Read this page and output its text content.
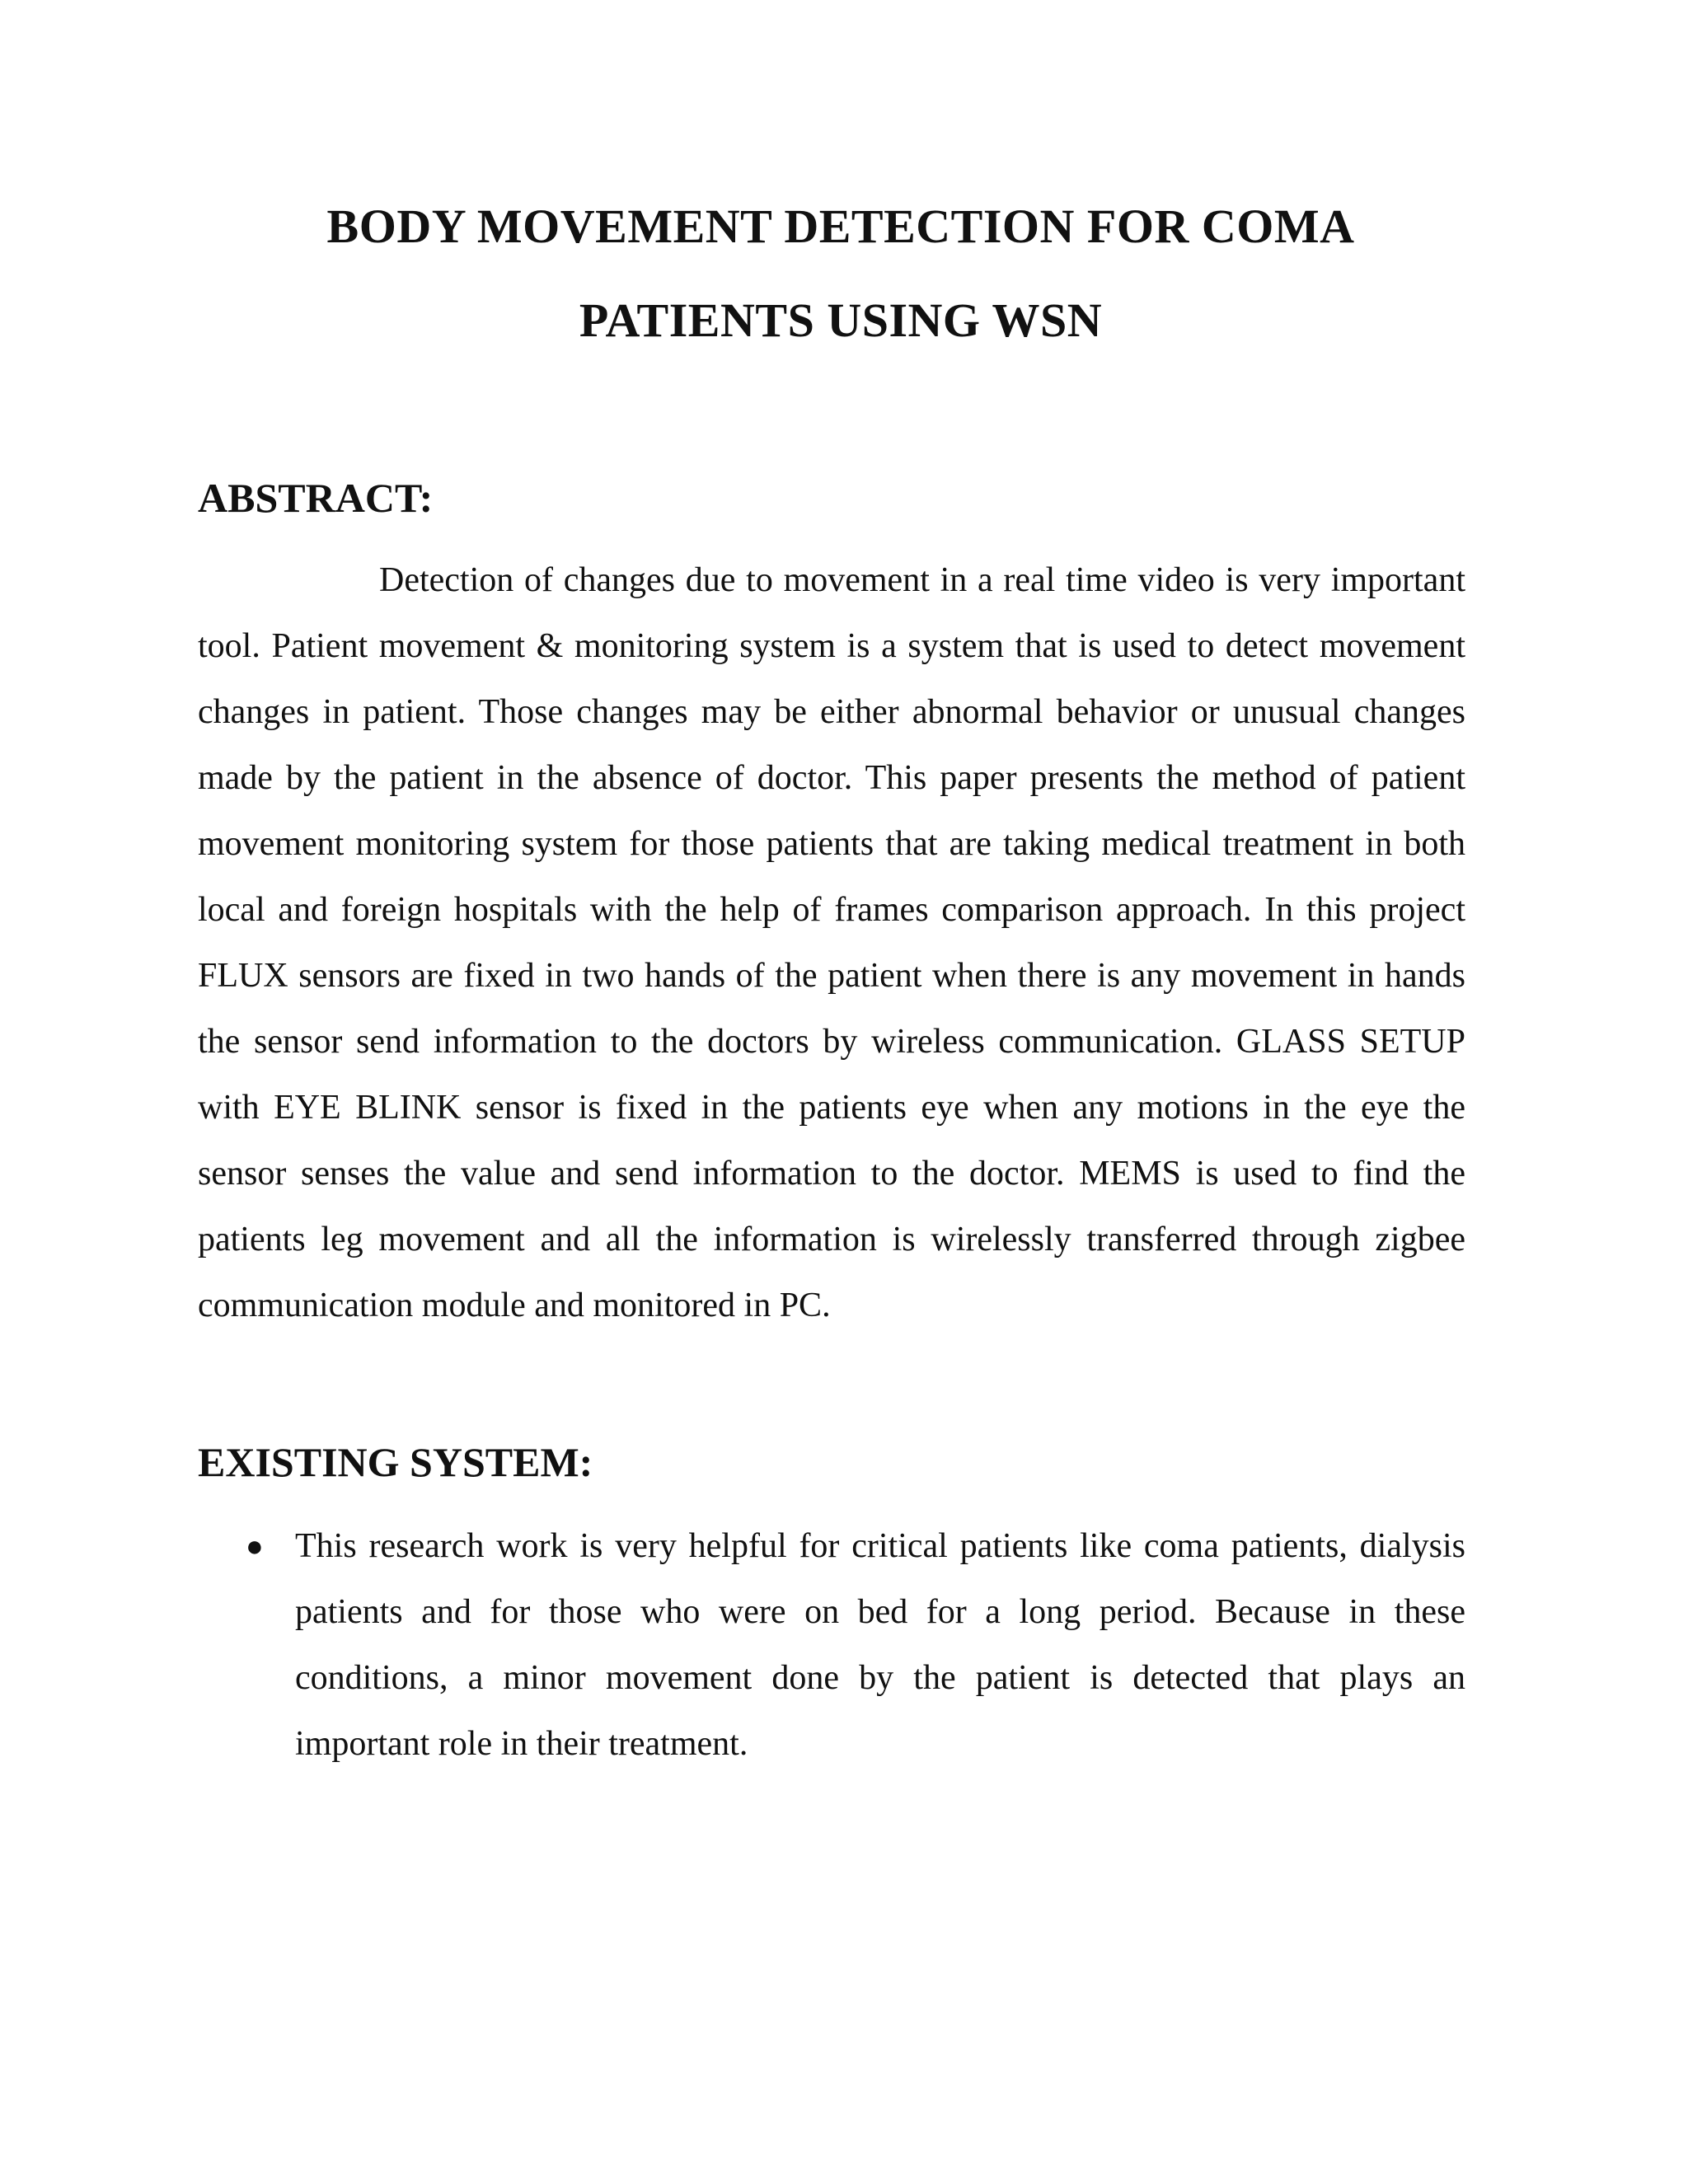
BODY MOVEMENT DETECTION FOR COMA
PATIENTS USING WSN
ABSTRACT:

Detection of changes due to movement in a real time video is very important tool. Patient movement & monitoring system is a system that is used to detect movement changes in patient. Those changes may be either abnormal behavior or unusual changes made by the patient in the absence of doctor. This paper presents the method of patient movement monitoring system for those patients that are taking medical treatment in both local and foreign hospitals with the help of frames comparison approach. In this project FLUX sensors are fixed in two hands of the patient when there is any movement in hands the sensor send information to the doctors by wireless communication. GLASS SETUP with EYE BLINK sensor is fixed in the patients eye when any motions in the eye the sensor senses the value and send information to the doctor. MEMS is used to find the patients leg movement and all the information is wirelessly transferred through zigbee communication module and monitored in PC.

EXISTING SYSTEM:
● This research work is very helpful for critical patients like coma patients, dialysis patients and for those who were on bed for a long period. Because in these conditions, a minor movement done by the patient is detected that plays an important role in their treatment.
